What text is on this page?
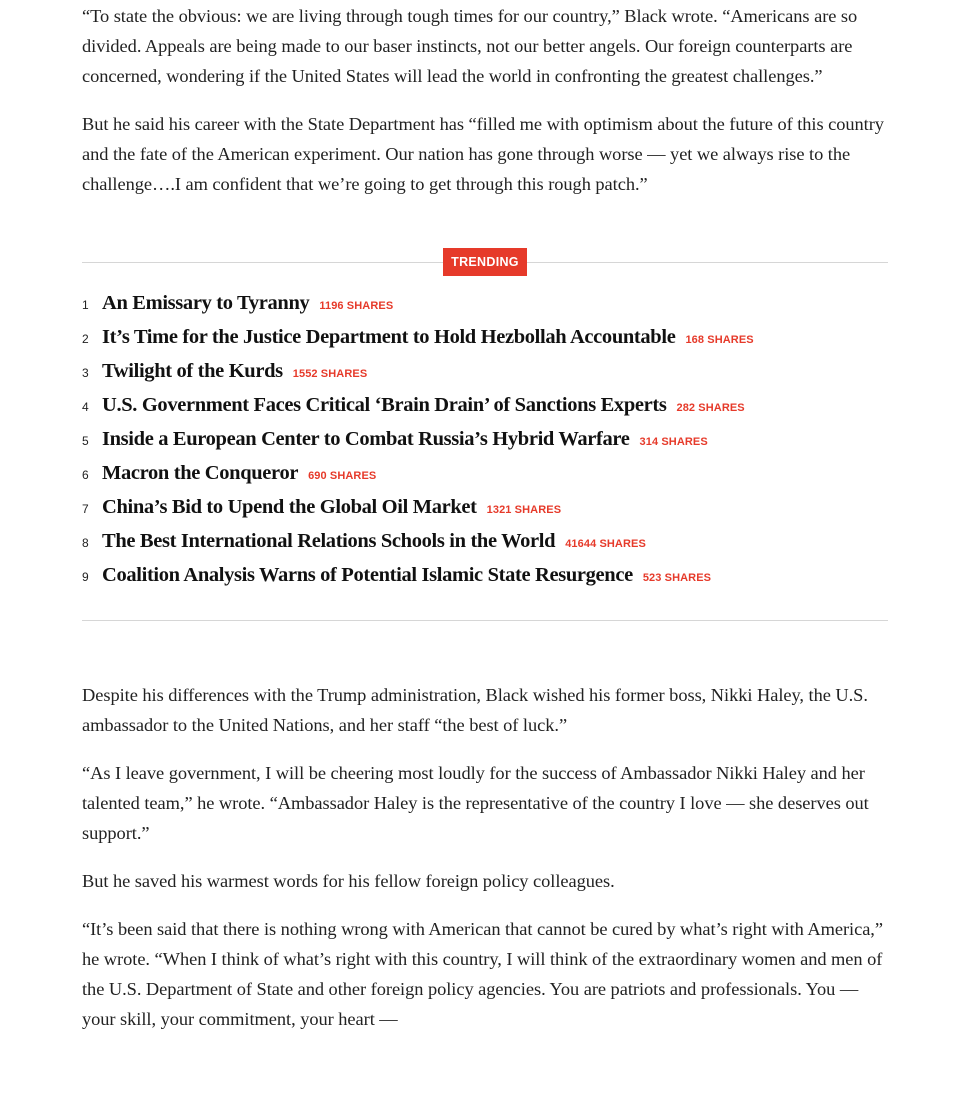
“To state the obvious: we are living through tough times for our country,” Black wrote. “Americans are so divided. Appeals are being made to our baser instincts, not our better angels. Our foreign counterparts are concerned, wondering if the United States will lead the world in confronting the greatest challenges.”

But he said his career with the State Department has “filled me with optimism about the future of this country and the fate of the American experiment. Our nation has gone through worse — yet we always rise to the challenge….I am confident that we’re going to get through this rough patch.”

TRENDING
1 An Emissary to Tyranny 1196 SHARES
2 It’s Time for the Justice Department to Hold Hezbollah Accountable 168 SHARES
3 Twilight of the Kurds 1552 SHARES
4 U.S. Government Faces Critical ‘Brain Drain’ of Sanctions Experts 282 SHARES
5 Inside a European Center to Combat Russia’s Hybrid Warfare 314 SHARES
6 Macron the Conqueror 690 SHARES
7 China’s Bid to Upend the Global Oil Market 1321 SHARES
8 The Best International Relations Schools in the World 41644 SHARES
9 Coalition Analysis Warns of Potential Islamic State Resurgence 523 SHARES

Despite his differences with the Trump administration, Black wished his former boss, Nikki Haley, the U.S. ambassador to the United Nations, and her staff “the best of luck.”

“As I leave government, I will be cheering most loudly for the success of Ambassador Nikki Haley and her talented team,” he wrote. “Ambassador Haley is the representative of the country I love — she deserves out support.”

But he saved his warmest words for his fellow foreign policy colleagues.

“It’s been said that there is nothing wrong with American that cannot be cured by what’s right with America,” he wrote. “When I think of what’s right with this country, I will think of the extraordinary women and men of the U.S. Department of State and other foreign policy agencies. You are patriots and professionals. You — your skill, your commitment, your heart —
